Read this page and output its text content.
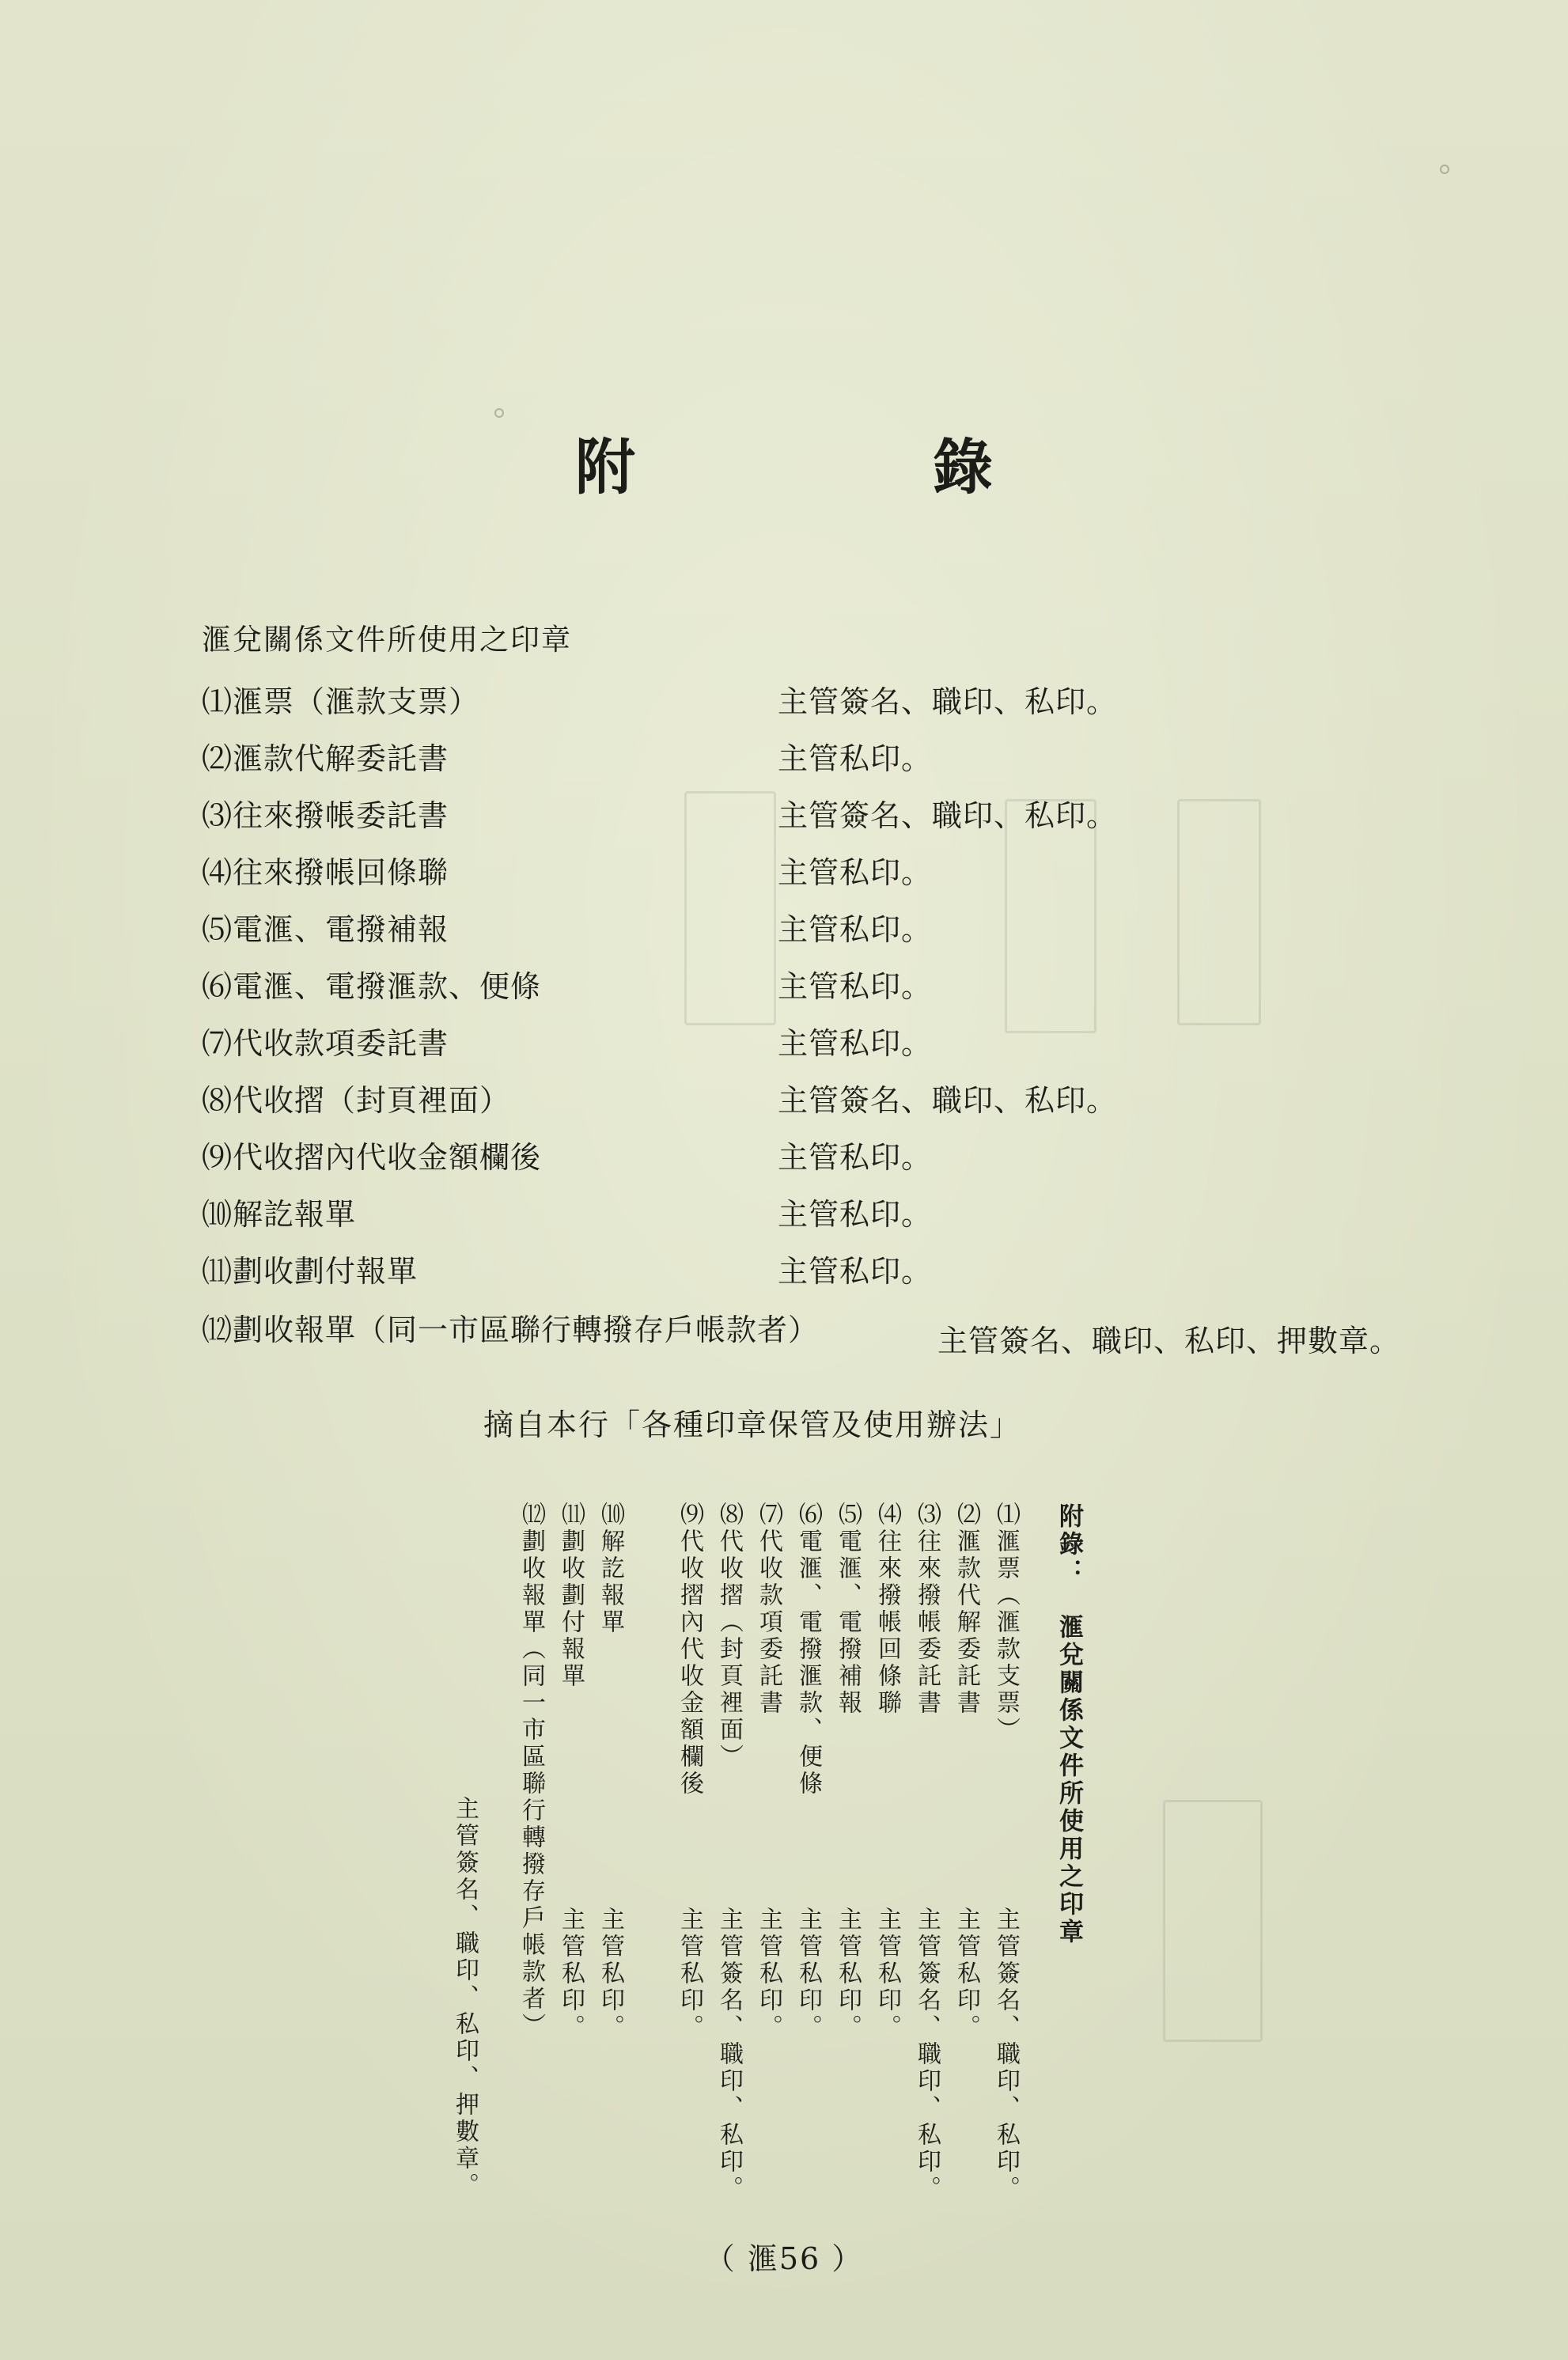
附　錄
滙兌關係文件所使用之印章
⑴滙票（滙款支票）	主管簽名、職印、私印。
⑵滙款代解委託書	主管私印。
⑶往來撥帳委託書	主管簽名、職印、私印。
⑷往來撥帳回條聯	主管私印。
⑸電滙、電撥補報	主管私印。
⑹電滙、電撥滙款、便條	主管私印。
⑺代收款項委託書	主管私印。
⑻代收摺（封頁裡面）	主管簽名、職印、私印。
⑼代收摺內代收金額欄後	主管私印。
⑽解訖報單	主管私印。
⑾劃收劃付報單	主管私印。
⑿劃收報單（同一市區聯行轉撥存戶帳款者）	主管簽名、職印、私印、押數章。
摘自本行「各種印章保管及使用辦法」
附錄：　滙兌關係文件所使用之印章
⑴滙票（滙款支票）
主管簽名、職印、私印。
⑵滙款代解委託書
主管私印。
⑶往來撥帳委託書
主管簽名、職印、私印。
⑷往來撥帳回條聯
主管私印。
⑸電滙、電撥補報
主管私印。
⑹電滙、電撥滙款、便條
主管私印。
⑺代收款項委託書
主管私印。
⑻代收摺（封頁裡面）
主管簽名、職印、私印。
⑼代收摺內代收金額欄後
主管私印。
⑽解訖報單
主管私印。
⑾劃收劃付報單
主管私印。
⑿劃收報單（同一市區聯行轉撥存戶帳款者）
主管簽名、職印、私印、押數章。
（ 滙56 ）
